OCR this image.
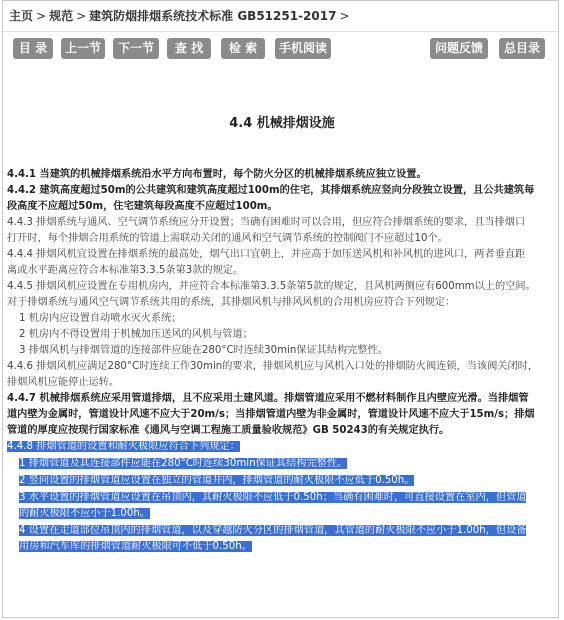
主页 > 规范 > 建筑防烟排烟系统技术标准 GB51251-2017 >
目 录	上一节	下一节	查 找	检 索	手机阅读	问题反馈	总目录
4.4 机械排烟设施

4.4.1 当建筑的机械排烟系统沿水平方向布置时，每个防火分区的机械排烟系统应独立设置。

4.4.2 建筑高度超过50m的公共建筑和建筑高度超过100m的住宅，其排烟系统应竖向分段独立设置，且公共建筑每
段高度不应超过50m，住宅建筑每段高度不应超过100m。

4.4.3 排烟系统与通风、空气调节系统应分开设置；当确有困难时可以合用，但应符合排烟系统的要求，且当排烟口
打开时，每个排烟合用系统的管道上需联动关闭的通风和空气调节系统的控制阀门不应超过10个。

4.4.4 排烟风机宜设置在排烟系统的最高处，烟气出口宜朝上，并应高于加压送风机和补风机的进风口，两者垂直距
离或水平距离应符合本标准第3.3.5条第3款的规定。

4.4.5 排烟风机应设置在专用机房内，并应符合本标准第3.3.5条第5款的规定，且风机两侧应有600mm以上的空间。
对于排烟系统与通风空气调节系统共用的系统，其排烟风机与排风风机的合用机房应符合下列规定：

1 机房内应设置自动喷水灭火系统；

2 机房内不得设置用于机械加压送风的风机与管道；

3 排烟风机与排烟管道的连接部件应能在280°C时连续30min保证其结构完整性。

4.4.6 排烟风机应满足280°C时连续工作30min的要求，排烟风机应与风机入口处的排烟防火阀连锁，当该阀关闭时，
排烟风机应能停止运转。

4.4.7 机械排烟系统应采用管道排烟，且不应采用土建风道。排烟管道应采用不燃材料制作且内壁应光滑。当排烟管
道内壁为金属时，管道设计风速不应大于20m/s；当排烟管道内壁为非金属时，管道设计风速不应大于15m/s；排烟
管道的厚度应按现行国家标准《通风与空调工程施工质量验收规范》GB 50243的有关规定执行。

4.4.8 排烟管道的设置和耐火极限应符合下列规定：

1 排烟管道及其连接部件应能在280°C时连续30min保证其结构完整性。

2 竖向设置的排烟管道应设置在独立的管道井内，排烟管道的耐火极限不应低于0.50h。

3 水平设置的排烟管道应设置在吊顶内，其耐火极限不应低于0.50h；当确有困难时，可直接设置在室内，但管道
的耐火极限不应小于1.00h。

4 设置在走道部位吊顶内的排烟管道，以及穿越防火分区的排烟管道，其管道的耐火极限不应小于1.00h，但设备
用房和汽车库的排烟管道耐火极限可不低于0.50h。
